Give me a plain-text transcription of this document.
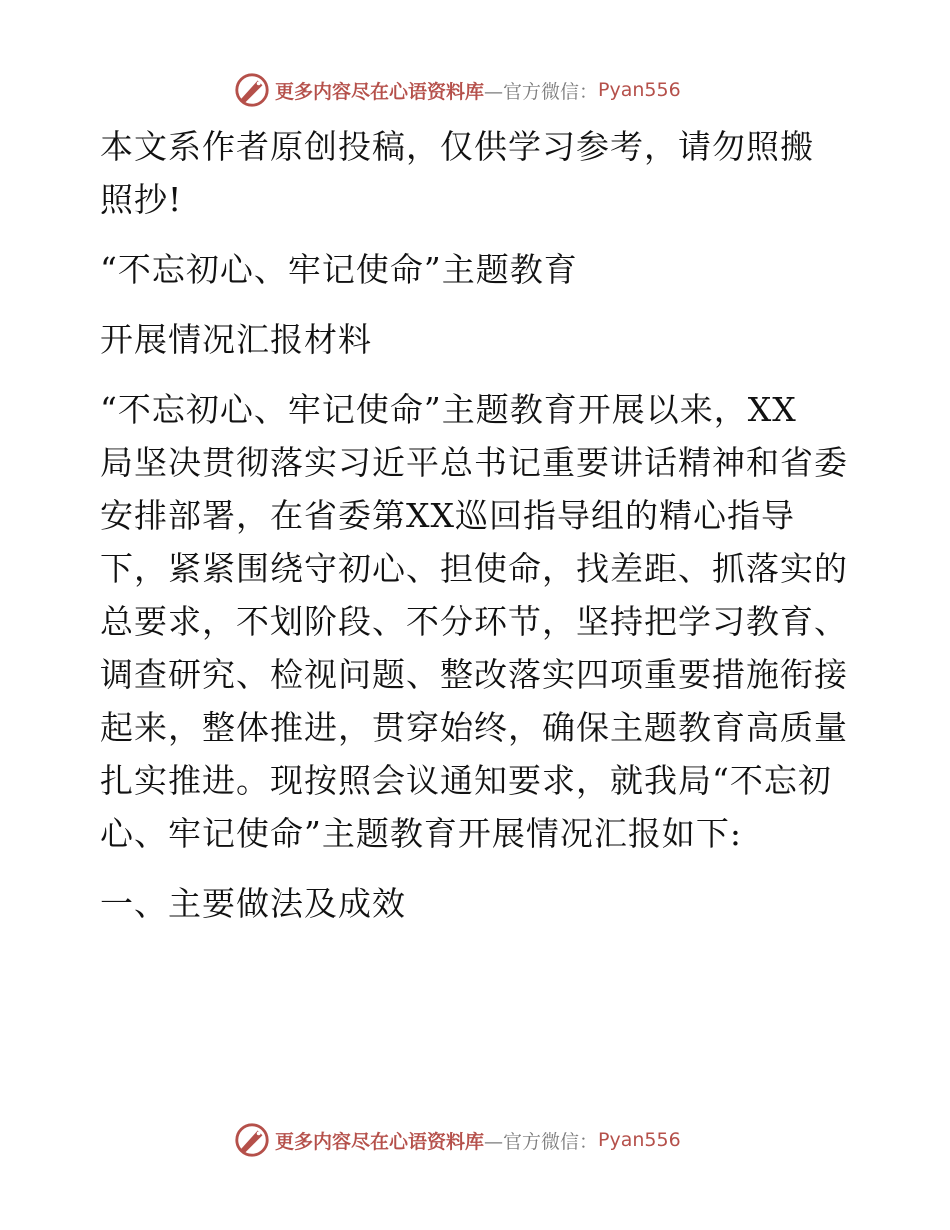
更多内容尽在心语资料库 —官方微信： Pyan556
本文系作者原创投稿，仅供学习参考，请勿照搬
照抄!
“不忘初心、牢记使命”主题教育
开展情况汇报材料
“不忘初心、牢记使命”主题教育开展以来，XX
局坚决贯彻落实习近平总书记重要讲话精神和省委
安排部署，在省委第XX巡回指导组的精心指导
下，紧紧围绕守初心、担使命，找差距、抓落实的
总要求，不划阶段、不分环节，坚持把学习教育、
调查研究、检视问题、整改落实四项重要措施衔接
起来，整体推进，贯穿始终，确保主题教育高质量
扎实推进。现按照会议通知要求，就我局“不忘初
心、牢记使命”主题教育开展情况汇报如下:
一、主要做法及成效
更多内容尽在心语资料库 —官方微信： Pyan556
